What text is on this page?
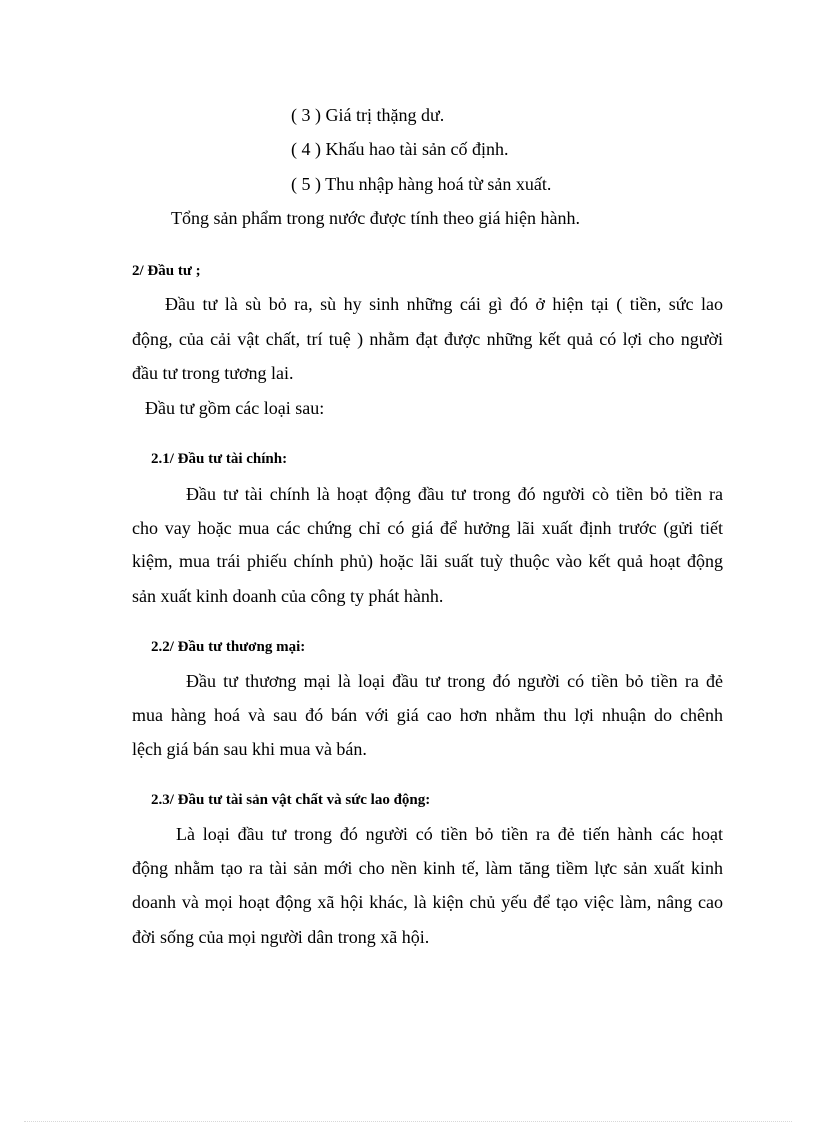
( 3 ) Giá trị thặng dư.

( 4 ) Khấu hao tài sản cố định.

( 5 ) Thu nhập hàng hoá từ sản xuất.

Tổng sản phẩm trong nước được tính theo giá hiện hành.

2/ Đầu tư ;

Đầu tư là sù bỏ ra, sù hy sinh những cái gì đó ở hiện tại ( tiền, sức lao

động, của cải vật chất, trí tuệ ) nhằm đạt được những kết quả có lợi cho người

đầu tư trong tương lai.

Đầu tư gồm các loại sau:

2.1/ Đầu tư tài chính:

Đầu tư tài chính là hoạt động đầu tư trong đó người cò tiền bỏ tiền ra

cho vay hoặc mua các chứng chỉ có giá để hưởng lãi xuất định trước (gửi tiết

kiệm, mua trái phiếu chính phủ) hoặc lãi suất tuỳ thuộc vào kết quả hoạt động

sản xuất kinh doanh của công ty phát hành.

2.2/ Đầu tư thương mại:

Đầu tư thương mại là loại đầu tư trong đó người có tiền bỏ tiền ra đẻ

mua hàng hoá và sau đó bán với giá cao hơn nhằm thu lợi nhuận do chênh

lệch giá bán sau khi mua và bán.

2.3/ Đầu tư tài sản vật chất và sức lao động:

Là loại đầu tư trong đó người có tiền bỏ tiền ra đẻ tiến hành các hoạt

động nhằm tạo ra tài sản mới cho nền kinh tế, làm tăng tiềm lực sản xuất kinh

doanh và mọi hoạt động xã hội khác, là kiện chủ yếu để tạo việc làm, nâng cao

đời sống của mọi người dân trong xã hội.
